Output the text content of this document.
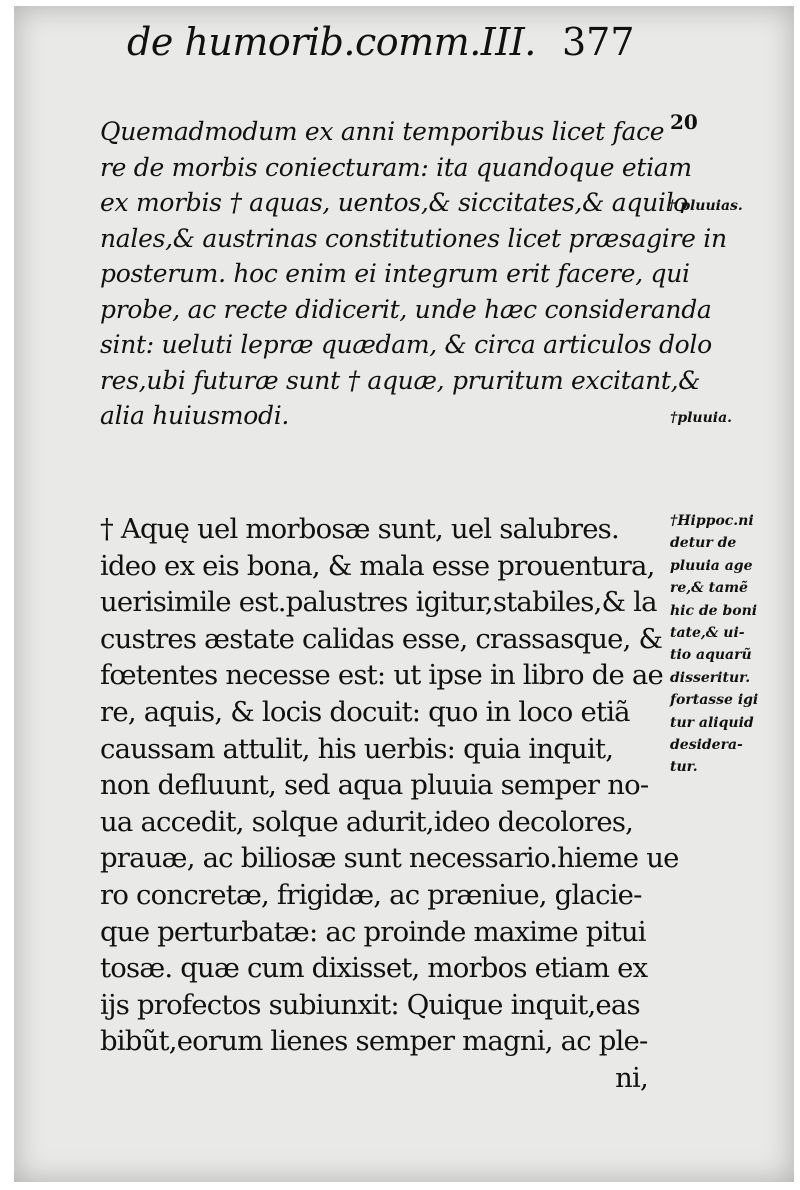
de humorib.comm.III. 377
20
† pluuias.
†pluuia.
†Hippoc.ni
detur de
pluuia age
re,& tamẽ
hic de boni
tate,& ui-
tio aquarũ
disseritur.
fortasse igi
tur aliquid
desidera-
tur.
Quemadmodum ex anni temporibus licet face
re de morbis coniecturam: ita quandoque etiam
ex morbis † aquas, uentos,& siccitates,& aquilo
nales,& austrinas constitutiones licet præsagire in
posterum. hoc enim ei integrum erit facere, qui
probe, ac recte didicerit, unde hæc consideranda
sint: ueluti lepræ quædam, & circa articulos dolo
res,ubi futuræ sunt † aquæ, pruritum excitant,&
alia huiusmodi.
† Aquę uel morbosæ sunt, uel salubres.
ideo ex eis bona, & mala esse prouentura,
uerisimile est.palustres igitur,stabiles,& la
custres æstate calidas esse, crassasque, &
fœtentes necesse est: ut ipse in libro de ae
re, aquis, & locis docuit: quo in loco etiã
caussam attulit, his uerbis: quia inquit,
non defluunt, sed aqua pluuia semper no-
ua accedit, solque adurit,ideo decolores,
prauæ, ac biliosæ sunt necessario.hieme ue
ro concretæ, frigidæ, ac præniue, glacie-
que perturbatæ: ac proinde maxime pitui
tosæ. quæ cum dixisset, morbos etiam ex
ijs profectos subiunxit: Quique inquit,eas
bibũt,eorum lienes semper magni, ac ple-
ni,
